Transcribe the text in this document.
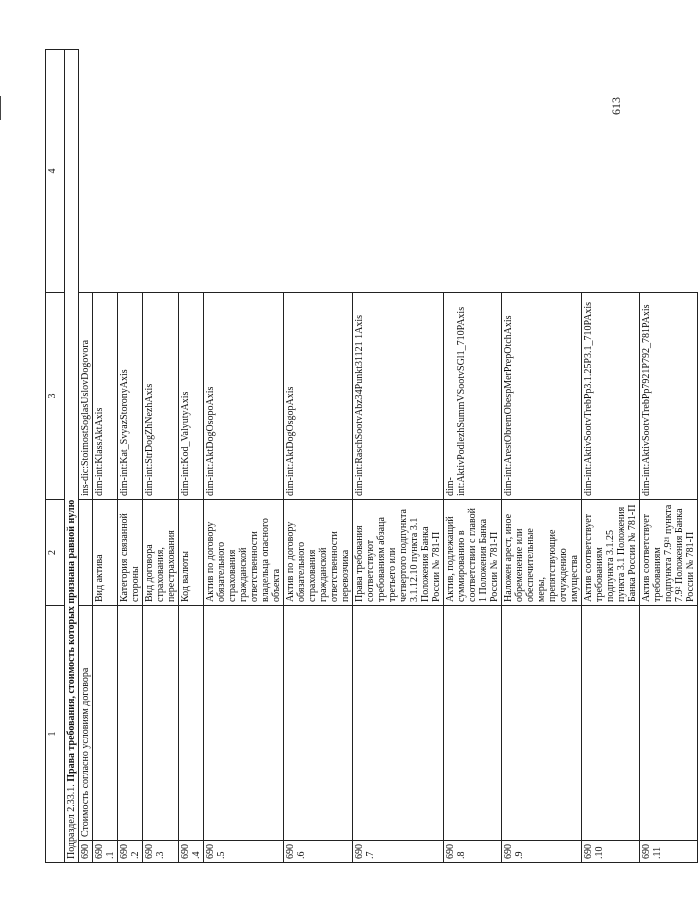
613
1		2	3	4
Подраздел 2.33.1. Права требования, стоимость которых признана равной нулю				
690	Стоимость согласно условиям договора		ins-dic:StoimostSoglasUslovDogovora	
690.1		Вид актива	dim-int:KlassAktAxis	
690.2		Категория связанной стороны	dim-int:Kat_SvyazStoronyAxis	
690.3		Вид договора страхования, перестрахования	dim-int:StrDogZhNezhAxis	
690.4		Код валюты	dim-int:Kod_ValyutyAxis	
690.5		Актив по договору обязательного страхования гражданской ответственности владельца опасного объекта	dim-int:AktDogOsopoAxis	
690.6		Актив по договору обязательного страхования гражданской ответственности перевозчика	dim-int:AktDogOsgopAxis	
690.7		Права требования соответствуют требованиям абзаца третьего или четвертого подпункта 3.1.12.10 пункта 3.1 Положения Банка России № 781-П	dim-int:RaschSootvAbz34Punkt31121 1Axis	
690.8		Актив, подлежащий суммированию в соответствии с главой 1 Положения Банка России № 781-П	dim-int:AktivPodlezhSummVSootvSGl1_710PAxis	
690.9		Наложен арест, иное обременение или обеспечительные меры, препятствующие отчуждению имущества	dim-int:ArestObremObespMerPrepOtchAxis	
690.10		Актив соответствует требованиям подпункта 3.1.25 пункта 3.1 Положения Банка России № 781-П	dim-int:AktivSootvTrebPp3.1.25P3.1_710PAxis	
690.11		Актив соответствует требованиям подпункта 7.9²¹ пункта 7.9² Положения Банка России № 781-П	dim-int:AktivSootvTrebPp7921P792_781PAxis	
